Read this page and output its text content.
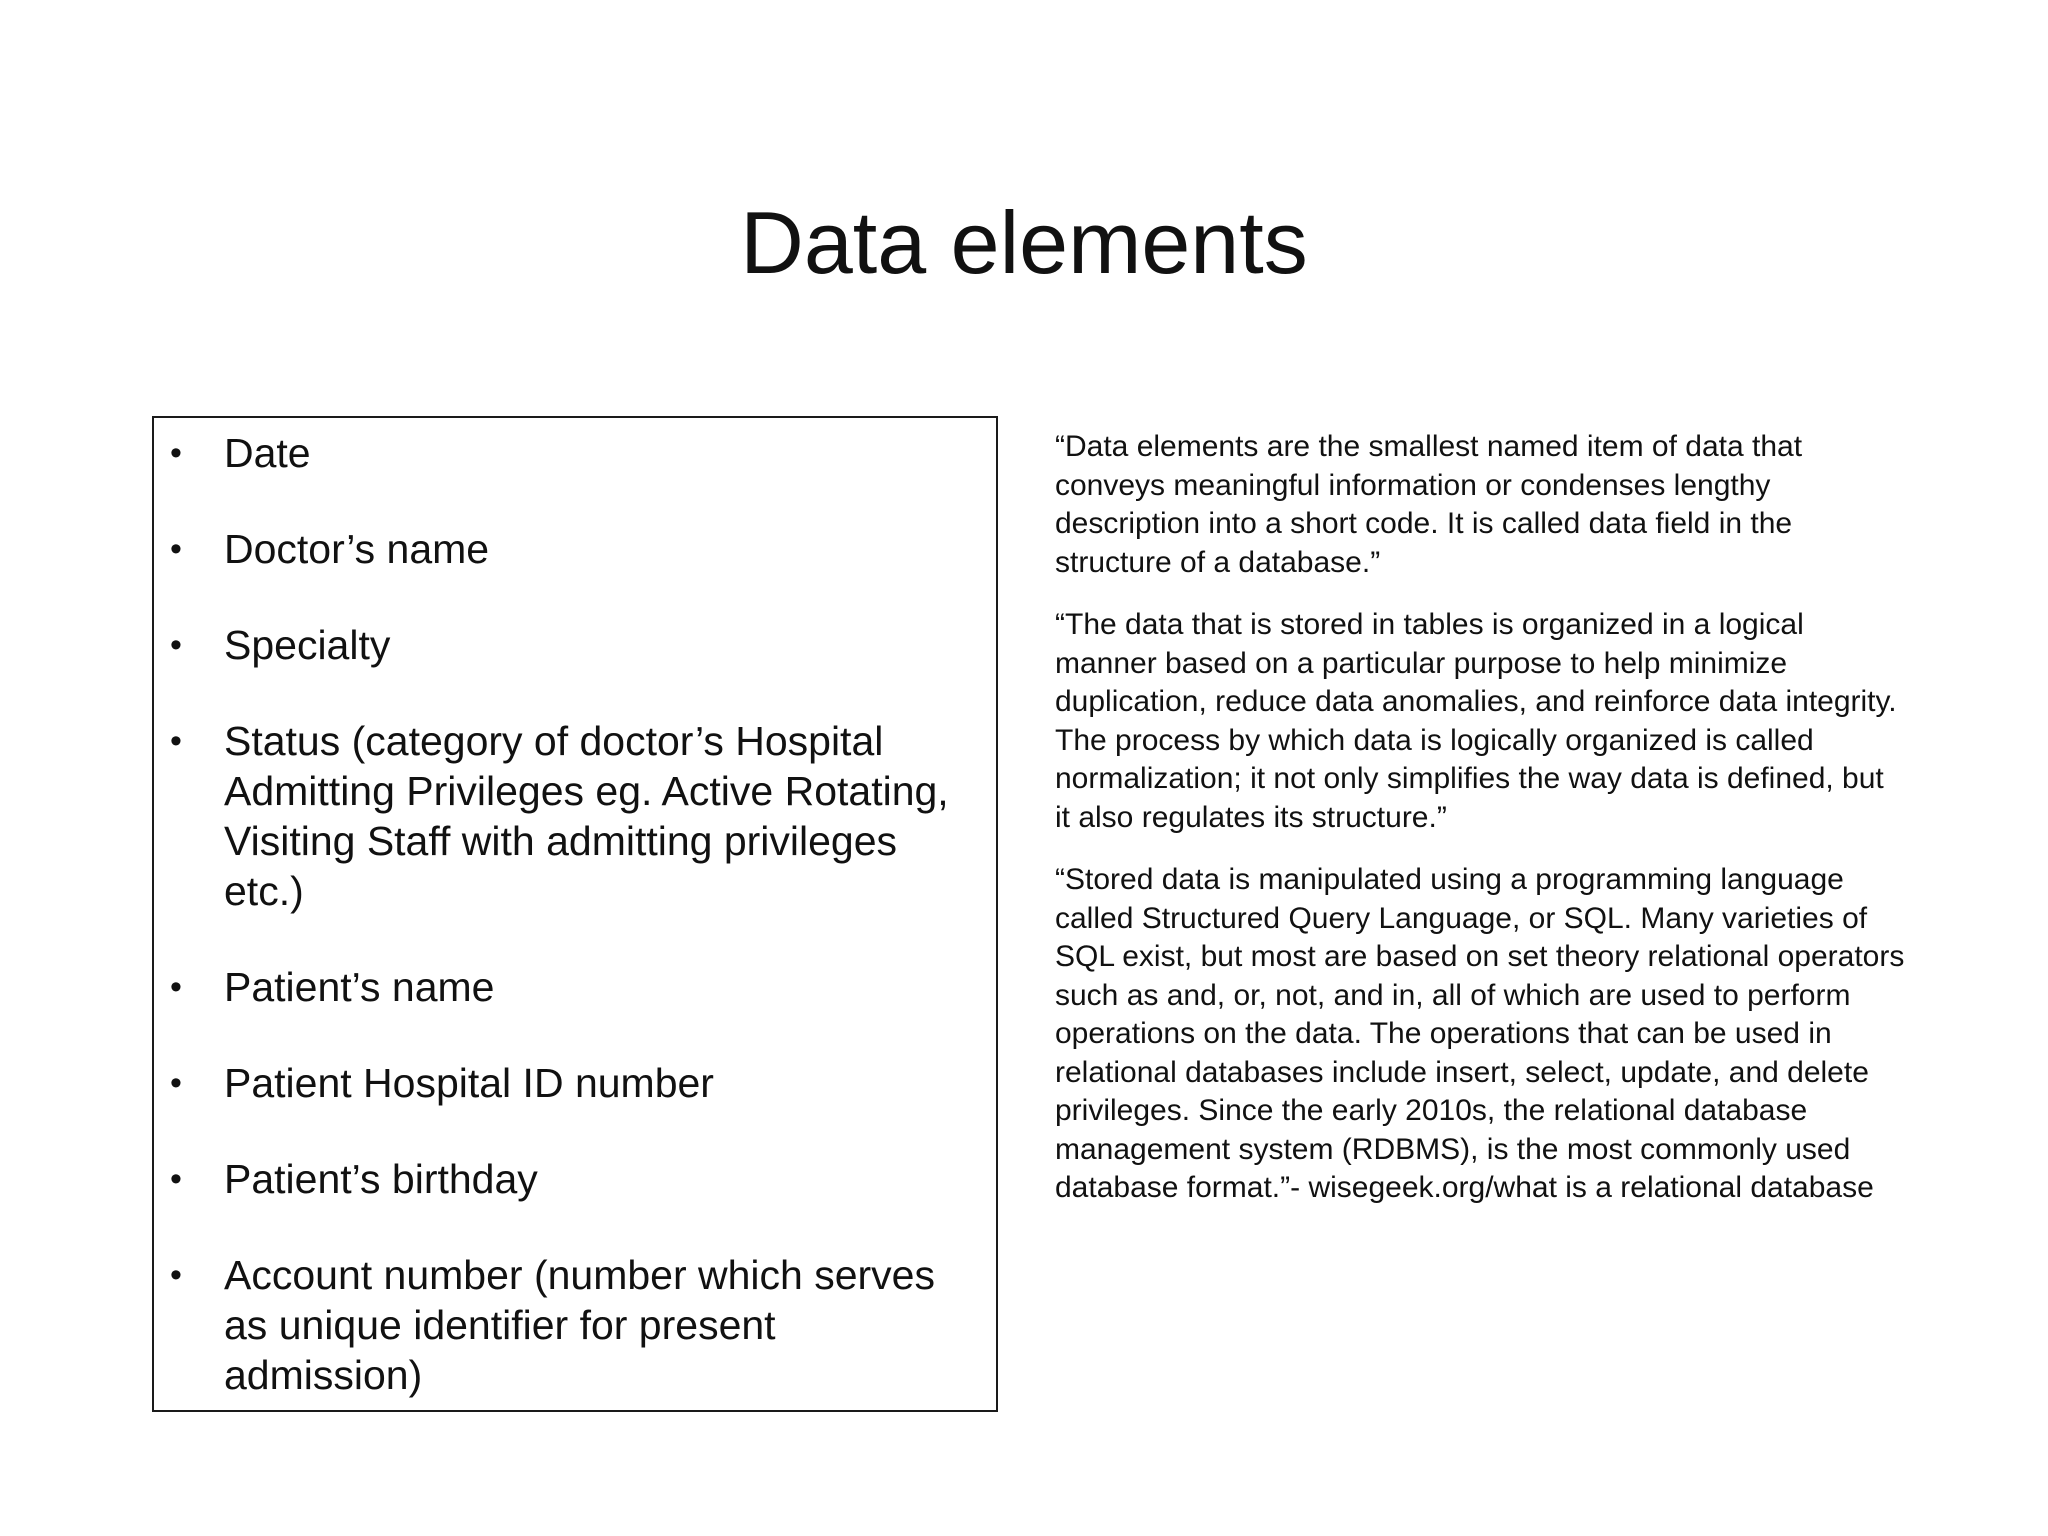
Data elements
• Date
• Doctor’s name
• Specialty
• Status (category of doctor’s Hospital Admitting Privileges eg. Active Rotating, Visiting Staff with admitting privileges etc.)
• Patient’s name
• Patient Hospital ID number
• Patient’s birthday
• Account number (number which serves as unique identifier for present admission)

“Data elements are the smallest named item of data that conveys meaningful information or condenses lengthy description into a short code. It is called data field in the structure of a database.”

“The data that is stored in tables is organized in a logical manner based on a particular purpose to help minimize duplication, reduce data anomalies, and reinforce data integrity. The process by which data is logically organized is called normalization; it not only simplifies the way data is defined, but it also regulates its structure.”

“Stored data is manipulated using a programming language called Structured Query Language, or SQL. Many varieties of SQL exist, but most are based on set theory relational operators such as and, or, not, and in, all of which are used to perform operations on the data. The operations that can be used in relational databases include insert, select, update, and delete privileges. Since the early 2010s, the relational database management system (RDBMS), is the most commonly used database format.”- wisegeek.org/what is a relational database
